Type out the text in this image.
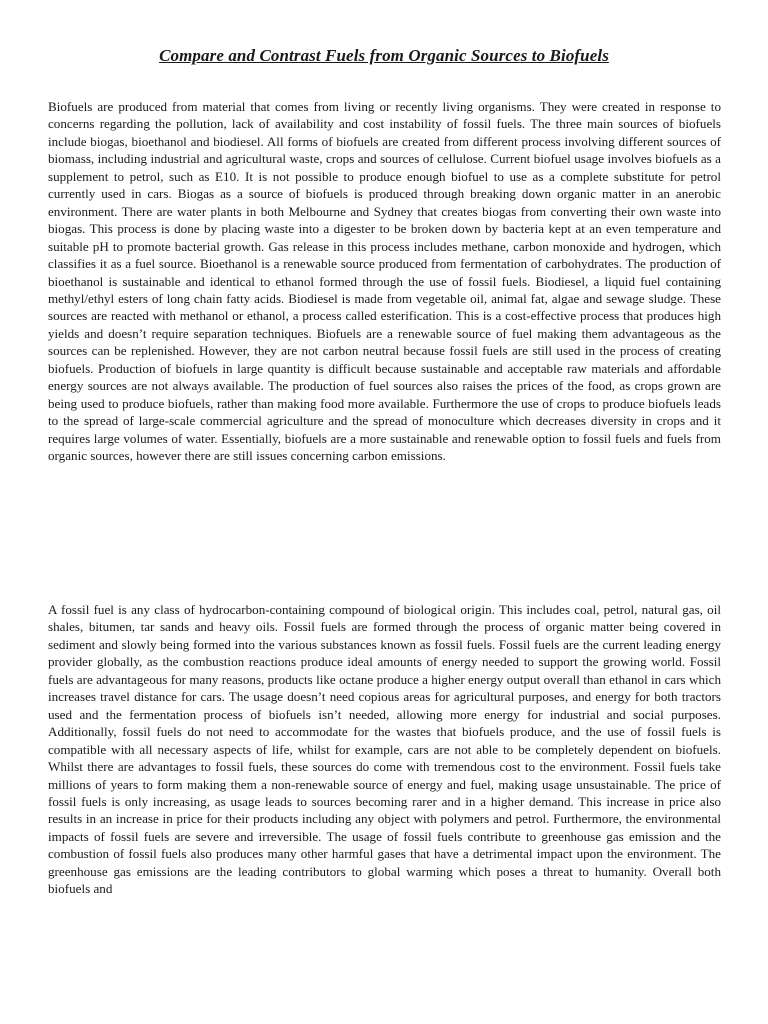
Compare and Contrast Fuels from Organic Sources to Biofuels

Biofuels are produced from material that comes from living or recently living organisms. They were created in response to concerns regarding the pollution, lack of availability and cost instability of fossil fuels. The three main sources of biofuels include biogas, bioethanol and biodiesel. All forms of biofuels are created from different process involving different sources of biomass, including industrial and agricultural waste, crops and sources of cellulose. Current biofuel usage involves biofuels as a supplement to petrol, such as E10. It is not possible to produce enough biofuel to use as a complete substitute for petrol currently used in cars. Biogas as a source of biofuels is produced through breaking down organic matter in an anerobic environment. There are water plants in both Melbourne and Sydney that creates biogas from converting their own waste into biogas. This process is done by placing waste into a digester to be broken down by bacteria kept at an even temperature and suitable pH to promote bacterial growth. Gas release in this process includes methane, carbon monoxide and hydrogen, which classifies it as a fuel source. Bioethanol is a renewable source produced from fermentation of carbohydrates. The production of bioethanol is sustainable and identical to ethanol formed through the use of fossil fuels. Biodiesel, a liquid fuel containing methyl/ethyl esters of long chain fatty acids. Biodiesel is made from vegetable oil, animal fat, algae and sewage sludge. These sources are reacted with methanol or ethanol, a process called esterification. This is a cost-effective process that produces high yields and doesn’t require separation techniques. Biofuels are a renewable source of fuel making them advantageous as the sources can be replenished. However, they are not carbon neutral because fossil fuels are still used in the process of creating biofuels. Production of biofuels in large quantity is difficult because sustainable and acceptable raw materials and affordable energy sources are not always available. The production of fuel sources also raises the prices of the food, as crops grown are being used to produce biofuels, rather than making food more available. Furthermore the use of crops to produce biofuels leads to the spread of large-scale commercial agriculture and the spread of monoculture which decreases diversity in crops and it requires large volumes of water. Essentially, biofuels are a more sustainable and renewable option to fossil fuels and fuels from organic sources, however there are still issues concerning carbon emissions.

A fossil fuel is any class of hydrocarbon-containing compound of biological origin. This includes coal, petrol, natural gas, oil shales, bitumen, tar sands and heavy oils. Fossil fuels are formed through the process of organic matter being covered in sediment and slowly being formed into the various substances known as fossil fuels. Fossil fuels are the current leading energy provider globally, as the combustion reactions produce ideal amounts of energy needed to support the growing world. Fossil fuels are advantageous for many reasons, products like octane produce a higher energy output overall than ethanol in cars which increases travel distance for cars. The usage doesn’t need copious areas for agricultural purposes, and energy for both tractors used and the fermentation process of biofuels isn’t needed, allowing more energy for industrial and social purposes. Additionally, fossil fuels do not need to accommodate for the wastes that biofuels produce, and the use of fossil fuels is compatible with all necessary aspects of life, whilst for example, cars are not able to be completely dependent on biofuels. Whilst there are advantages to fossil fuels, these sources do come with tremendous cost to the environment. Fossil fuels take millions of years to form making them a non-renewable source of energy and fuel, making usage unsustainable. The price of fossil fuels is only increasing, as usage leads to sources becoming rarer and in a higher demand. This increase in price also results in an increase in price for their products including any object with polymers and petrol. Furthermore, the environmental impacts of fossil fuels are severe and irreversible. The usage of fossil fuels contribute to greenhouse gas emission and the combustion of fossil fuels also produces many other harmful gases that have a detrimental impact upon the environment. The greenhouse gas emissions are the leading contributors to global warming which poses a threat to humanity. Overall both biofuels and
